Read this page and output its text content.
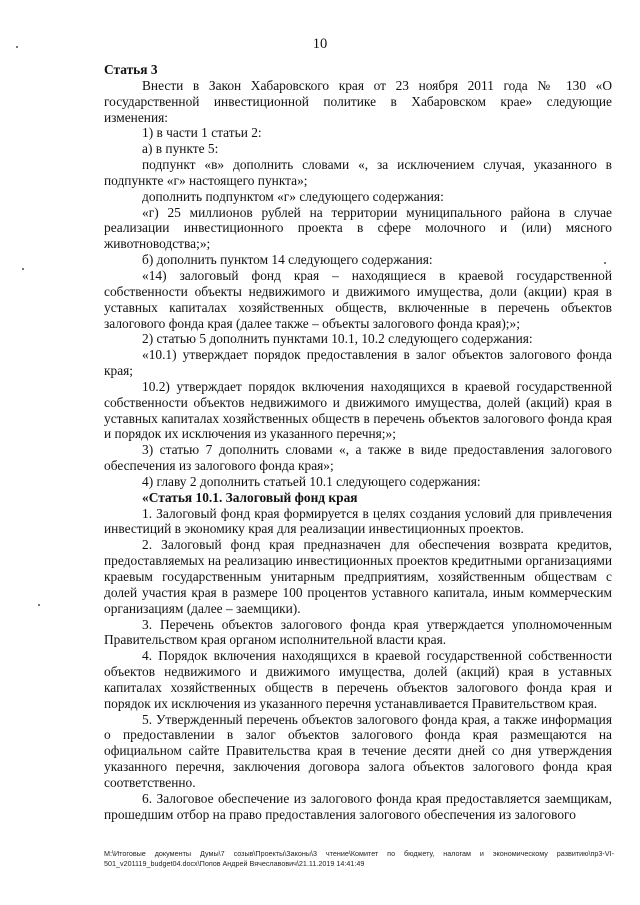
10

Статья 3

Внести в Закон Хабаровского края от 23 ноября 2011 года № 130 «О государственной инвестиционной политике в Хабаровском крае» следующие изменения:

1) в части 1 статьи 2:

а) в пункте 5:

подпункт «в» дополнить словами «, за исключением случая, указанного в подпункте «г» настоящего пункта»;

дополнить подпунктом «г» следующего содержания:

«г) 25 миллионов рублей на территории муниципального района в случае реализации инвестиционного проекта в сфере молочного и (или) мясного животноводства;»;

б) дополнить пунктом 14 следующего содержания:

«14) залоговый фонд края – находящиеся в краевой государственной собственности объекты недвижимого и движимого имущества, доли (акции) края в уставных капиталах хозяйственных обществ, включенные в перечень объектов залогового фонда края (далее также – объекты залогового фонда края);»;

2) статью 5 дополнить пунктами 10.1, 10.2 следующего содержания:

«10.1) утверждает порядок предоставления в залог объектов залогового фонда края;

10.2) утверждает порядок включения находящихся в краевой государственной собственности объектов недвижимого и движимого имущества, долей (акций) края в уставных капиталах хозяйственных обществ в перечень объектов залогового фонда края и порядок их исключения из указанного перечня;»;

3) статью 7 дополнить словами «, а также в виде предоставления залогового обеспечения из залогового фонда края»;

4) главу 2 дополнить статьей 10.1 следующего содержания:

«Статья 10.1. Залоговый фонд края

1. Залоговый фонд края формируется в целях создания условий для привлечения инвестиций в экономику края для реализации инвестиционных проектов.

2. Залоговый фонд края предназначен для обеспечения возврата кредитов, предоставляемых на реализацию инвестиционных проектов кредитными организациями краевым государственным унитарным предприятиям, хозяйственным обществам с долей участия края в размере 100 процентов уставного капитала, иным коммерческим организациям (далее – заемщики).

3. Перечень объектов залогового фонда края утверждается уполномоченным Правительством края органом исполнительной власти края.

4. Порядок включения находящихся в краевой государственной собственности объектов недвижимого и движимого имущества, долей (акций) края в уставных капиталах хозяйственных обществ в перечень объектов залогового фонда края и порядок их исключения из указанного перечня устанавливается Правительством края.

5. Утвержденный перечень объектов залогового фонда края, а также информация о предоставлении в залог объектов залогового фонда края размещаются на официальном сайте Правительства края в течение десяти дней со дня утверждения указанного перечня, заключения договора залога объектов залогового фонда края соответственно.

6. Залоговое обеспечение из залогового фонда края предоставляется заемщикам, прошедшим отбор на право предоставления залогового обеспечения из залогового

M:\Итоговые документы Думы\7 созыв\Проекты\Законы\3 чтение\Комитет по бюджету, налогам и экономическому развитию\пр3-VI-501_v201119_budget04.docx\Попов Андрей Вячеславович\21.11.2019 14:41:49
